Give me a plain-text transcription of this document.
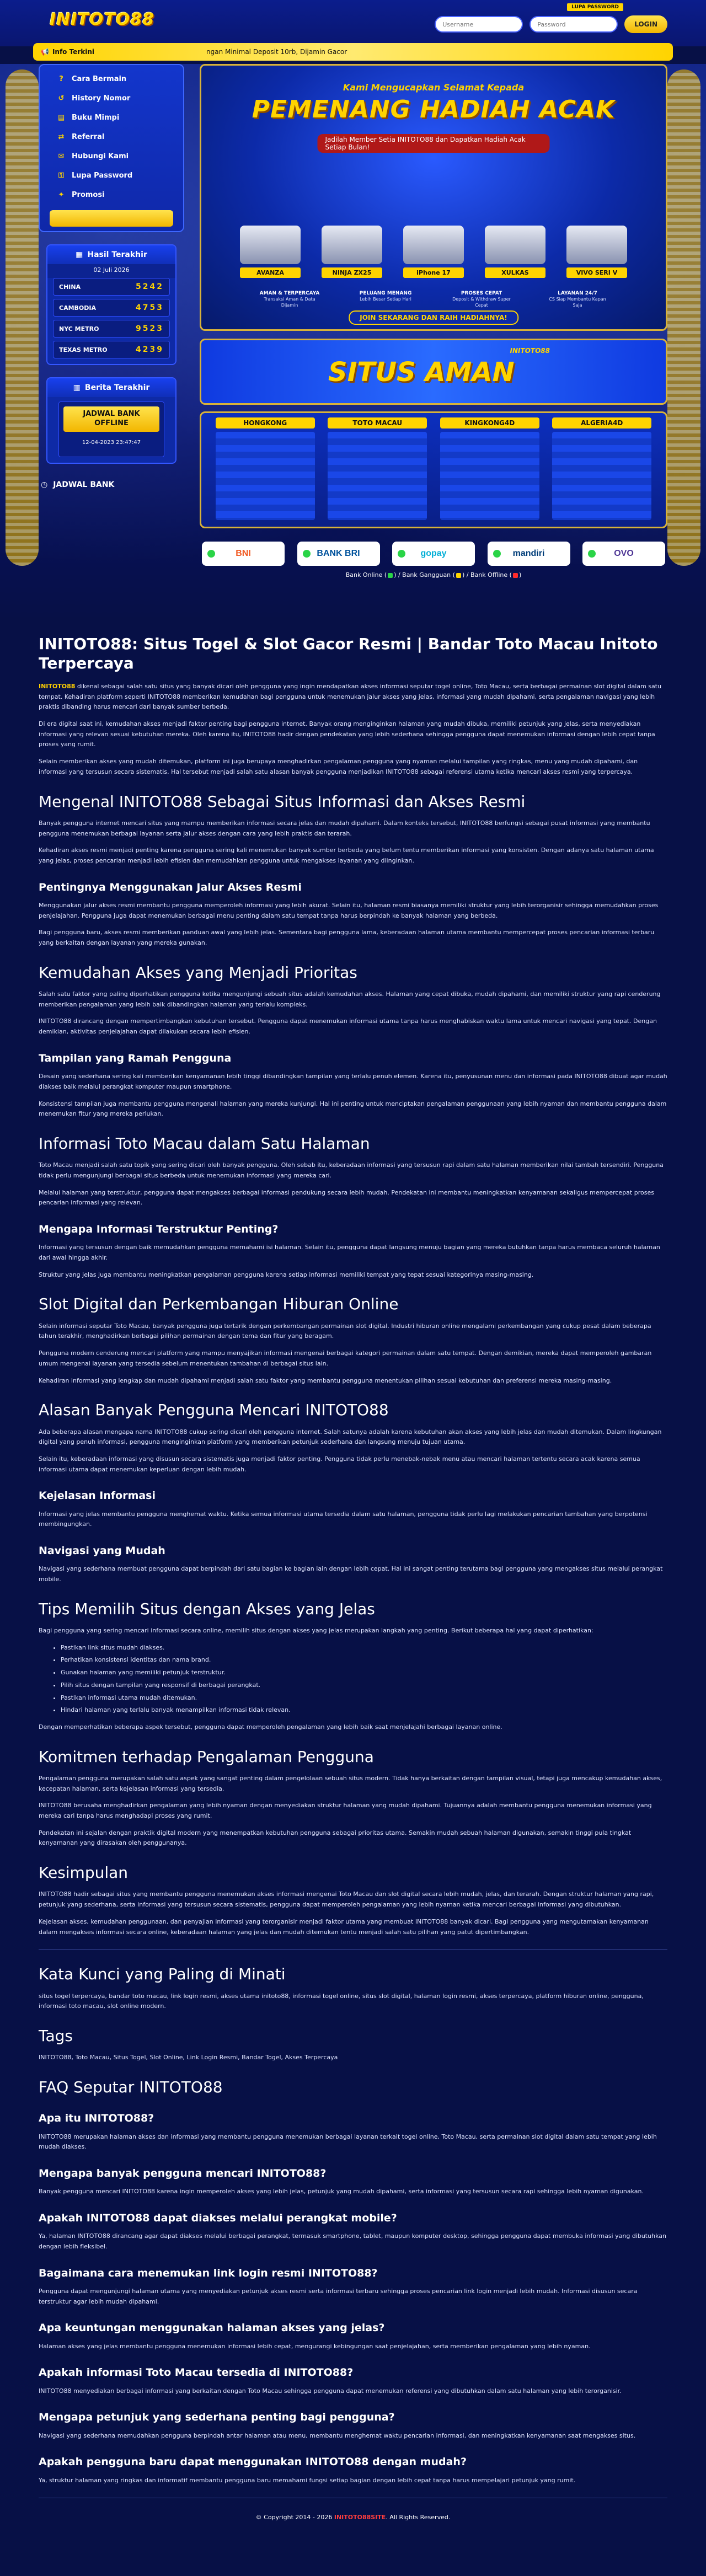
INITOTO88
LUPA PASSWORD
Username
LOGIN
📢 Info Terkini	ngan Minimal Deposit 10rb, Dijamin Gacor
?	Cara Bermain
↺ History Nomor
▤ Buku Mimpi
⇄ Referral
✉ Hubungi Kami
⚿	Lupa Password
✦ Promosi
▦ Hasil Terakhir
02 Juli 2026
CHINA	5242
CAMBODIA	4753
NYC METRO	9523
TEXAS METRO	4239
▥ Berita Terakhir
JADWAL BANK OFFLINE
12-04-2023 23:47:47
◷ JADWAL BANK
Kami Mengucapkan Selamat Kepada
PEMENANG HADIAH ACAK
Jadilah Member Setia INITOTO88 dan Dapatkan Hadiah Acak Setiap Bulan!
AVANZA	NINJA ZX25	iPhone 17	XULKAS	VIVO SERI V
AMAN & TERPERCAYA
Transaksi Aman & Data Dijamin
PELUANG MENANG
Lebih Besar Setiap Hari
PROSES CEPAT
Deposit & Withdraw Super Cepat
LAYANAN 24/7
CS Siap Membantu Kapan Saja
JOIN SEKARANG DAN RAIH HADIAHNYA!
SITUS AMAN
INITOTO88
HONGKONG	TOTO MACAU	KINGKONG4D	ALGERIA4D
BNI	BANK BRI	gopay	mandiri	OVO
Bank Online ( ) / Bank Gangguan ( ) / Bank Offline ( )
INITOTO88: Situs Togel & Slot Gacor Resmi | Bandar Toto Macau Initoto Terpercaya

INITOTO88 dikenal sebagai salah satu situs yang banyak dicari oleh pengguna yang ingin mendapatkan akses informasi seputar togel online, Toto Macau, serta berbagai permainan slot digital dalam satu tempat. Kehadiran platform seperti INITOTO88 memberikan kemudahan bagi pengguna untuk menemukan jalur akses yang jelas, informasi yang mudah dipahami, serta pengalaman navigasi yang lebih praktis dibanding harus mencari dari banyak sumber berbeda.

Di era digital saat ini, kemudahan akses menjadi faktor penting bagi pengguna internet. Banyak orang menginginkan halaman yang mudah dibuka, memiliki petunjuk yang jelas, serta menyediakan informasi yang relevan sesuai kebutuhan mereka. Oleh karena itu, INITOTO88 hadir dengan pendekatan yang lebih sederhana sehingga pengguna dapat menemukan informasi dengan lebih cepat tanpa proses yang rumit.

Selain memberikan akses yang mudah ditemukan, platform ini juga berupaya menghadirkan pengalaman pengguna yang nyaman melalui tampilan yang ringkas, menu yang mudah dipahami, dan informasi yang tersusun secara sistematis. Hal tersebut menjadi salah satu alasan banyak pengguna menjadikan INITOTO88 sebagai referensi utama ketika mencari akses resmi yang terpercaya.

Mengenal INITOTO88 Sebagai Situs Informasi dan Akses Resmi

Banyak pengguna internet mencari situs yang mampu memberikan informasi secara jelas dan mudah dipahami. Dalam konteks tersebut, INITOTO88 berfungsi sebagai pusat informasi yang membantu pengguna menemukan berbagai layanan serta jalur akses dengan cara yang lebih praktis dan terarah.

Kehadiran akses resmi menjadi penting karena pengguna sering kali menemukan banyak sumber berbeda yang belum tentu memberikan informasi yang konsisten. Dengan adanya satu halaman utama yang jelas, proses pencarian menjadi lebih efisien dan memudahkan pengguna untuk mengakses layanan yang diinginkan.

Pentingnya Menggunakan Jalur Akses Resmi

Menggunakan jalur akses resmi membantu pengguna memperoleh informasi yang lebih akurat. Selain itu, halaman resmi biasanya memiliki struktur yang lebih terorganisir sehingga memudahkan proses penjelajahan. Pengguna juga dapat menemukan berbagai menu penting dalam satu tempat tanpa harus berpindah ke banyak halaman yang berbeda.

Bagi pengguna baru, akses resmi memberikan panduan awal yang lebih jelas. Sementara bagi pengguna lama, keberadaan halaman utama membantu mempercepat proses pencarian informasi terbaru yang berkaitan dengan layanan yang mereka gunakan.

Kemudahan Akses yang Menjadi Prioritas

Salah satu faktor yang paling diperhatikan pengguna ketika mengunjungi sebuah situs adalah kemudahan akses. Halaman yang cepat dibuka, mudah dipahami, dan memiliki struktur yang rapi cenderung memberikan pengalaman yang lebih baik dibandingkan halaman yang terlalu kompleks.

INITOTO88 dirancang dengan mempertimbangkan kebutuhan tersebut. Pengguna dapat menemukan informasi utama tanpa harus menghabiskan waktu lama untuk mencari navigasi yang tepat. Dengan demikian, aktivitas penjelajahan dapat dilakukan secara lebih efisien.

Tampilan yang Ramah Pengguna

Desain yang sederhana sering kali memberikan kenyamanan lebih tinggi dibandingkan tampilan yang terlalu penuh elemen. Karena itu, penyusunan menu dan informasi pada INITOTO88 dibuat agar mudah diakses baik melalui perangkat komputer maupun smartphone.

Konsistensi tampilan juga membantu pengguna mengenali halaman yang mereka kunjungi. Hal ini penting untuk menciptakan pengalaman penggunaan yang lebih nyaman dan membantu pengguna dalam menemukan fitur yang mereka perlukan.

Informasi Toto Macau dalam Satu Halaman

Toto Macau menjadi salah satu topik yang sering dicari oleh banyak pengguna. Oleh sebab itu, keberadaan informasi yang tersusun rapi dalam satu halaman memberikan nilai tambah tersendiri. Pengguna tidak perlu mengunjungi berbagai situs berbeda untuk menemukan informasi yang mereka cari.

Melalui halaman yang terstruktur, pengguna dapat mengakses berbagai informasi pendukung secara lebih mudah. Pendekatan ini membantu meningkatkan kenyamanan sekaligus mempercepat proses pencarian informasi yang relevan.

Mengapa Informasi Terstruktur Penting?

Informasi yang tersusun dengan baik memudahkan pengguna memahami isi halaman. Selain itu, pengguna dapat langsung menuju bagian yang mereka butuhkan tanpa harus membaca seluruh halaman dari awal hingga akhir.

Struktur yang jelas juga membantu meningkatkan pengalaman pengguna karena setiap informasi memiliki tempat yang tepat sesuai kategorinya masing-masing.

Slot Digital dan Perkembangan Hiburan Online

Selain informasi seputar Toto Macau, banyak pengguna juga tertarik dengan perkembangan permainan slot digital. Industri hiburan online mengalami perkembangan yang cukup pesat dalam beberapa tahun terakhir, menghadirkan berbagai pilihan permainan dengan tema dan fitur yang beragam.

Pengguna modern cenderung mencari platform yang mampu menyajikan informasi mengenai berbagai kategori permainan dalam satu tempat. Dengan demikian, mereka dapat memperoleh gambaran umum mengenai layanan yang tersedia sebelum menentukan tambahan di berbagai situs lain.

Kehadiran informasi yang lengkap dan mudah dipahami menjadi salah satu faktor yang membantu pengguna menentukan pilihan sesuai kebutuhan dan preferensi mereka masing-masing.

Alasan Banyak Pengguna Mencari INITOTO88

Ada beberapa alasan mengapa nama INITOTO88 cukup sering dicari oleh pengguna internet. Salah satunya adalah karena kebutuhan akan akses yang lebih jelas dan mudah ditemukan. Dalam lingkungan digital yang penuh informasi, pengguna menginginkan platform yang memberikan petunjuk sederhana dan langsung menuju tujuan utama.

Selain itu, keberadaan informasi yang disusun secara sistematis juga menjadi faktor penting. Pengguna tidak perlu menebak-nebak menu atau mencari halaman tertentu secara acak karena semua informasi utama dapat menemukan keperluan dengan lebih mudah.

Kejelasan Informasi

Informasi yang jelas membantu pengguna menghemat waktu. Ketika semua informasi utama tersedia dalam satu halaman, pengguna tidak perlu lagi melakukan pencarian tambahan yang berpotensi membingungkan.

Navigasi yang Mudah

Navigasi yang sederhana membuat pengguna dapat berpindah dari satu bagian ke bagian lain dengan lebih cepat. Hal ini sangat penting terutama bagi pengguna yang mengakses situs melalui perangkat mobile.

Tips Memilih Situs dengan Akses yang Jelas

Bagi pengguna yang sering mencari informasi secara online, memilih situs dengan akses yang jelas merupakan langkah yang penting. Berikut beberapa hal yang dapat diperhatikan:

• Pastikan link situs mudah diakses.
• Perhatikan konsistensi identitas dan nama brand.
• Gunakan halaman yang memiliki petunjuk terstruktur.
• Pilih situs dengan tampilan yang responsif di berbagai perangkat.
• Pastikan informasi utama mudah ditemukan.
• Hindari halaman yang terlalu banyak menampilkan informasi tidak relevan.

Dengan memperhatikan beberapa aspek tersebut, pengguna dapat memperoleh pengalaman yang lebih baik saat menjelajahi berbagai layanan online.

Komitmen terhadap Pengalaman Pengguna

Pengalaman pengguna merupakan salah satu aspek yang sangat penting dalam pengelolaan sebuah situs modern. Tidak hanya berkaitan dengan tampilan visual, tetapi juga mencakup kemudahan akses, kecepatan halaman, serta kejelasan informasi yang tersedia.

INITOTO88 berusaha menghadirkan pengalaman yang lebih nyaman dengan menyediakan struktur halaman yang mudah dipahami. Tujuannya adalah membantu pengguna menemukan informasi yang mereka cari tanpa harus menghadapi proses yang rumit.

Pendekatan ini sejalan dengan praktik digital modern yang menempatkan kebutuhan pengguna sebagai prioritas utama. Semakin mudah sebuah halaman digunakan, semakin tinggi pula tingkat kenyamanan yang dirasakan oleh penggunanya.

Kesimpulan

INITOTO88 hadir sebagai situs yang membantu pengguna menemukan akses informasi mengenai Toto Macau dan slot digital secara lebih mudah, jelas, dan terarah. Dengan struktur halaman yang rapi, petunjuk yang sederhana, serta informasi yang tersusun secara sistematis, pengguna dapat memperoleh pengalaman yang lebih nyaman ketika mencari berbagai informasi yang dibutuhkan.

Kejelasan akses, kemudahan penggunaan, dan penyajian informasi yang terorganisir menjadi faktor utama yang membuat INITOTO88 banyak dicari. Bagi pengguna yang mengutamakan kenyamanan dalam mengakses informasi secara online, keberadaan halaman yang jelas dan mudah ditemukan tentu menjadi salah satu pilihan yang patut dipertimbangkan.

Kata Kunci yang Paling di Minati

situs togel terpercaya, bandar toto macau, link login resmi, akses utama initoto88, informasi togel online, situs slot digital, halaman login resmi, akses terpercaya, platform hiburan online, pengguna, informasi toto macau, slot online modern.

Tags

INITOTO88, Toto Macau, Situs Togel, Slot Online, Link Login Resmi, Bandar Togel, Akses Terpercaya

FAQ Seputar INITOTO88
Apa itu INITOTO88?

INITOTO88 merupakan halaman akses dan informasi yang membantu pengguna menemukan berbagai layanan terkait togel online, Toto Macau, serta permainan slot digital dalam satu tempat yang lebih mudah diakses.

Mengapa banyak pengguna mencari INITOTO88?

Banyak pengguna mencari INITOTO88 karena ingin memperoleh akses yang lebih jelas, petunjuk yang mudah dipahami, serta informasi yang tersusun secara rapi sehingga lebih nyaman digunakan.

Apakah INITOTO88 dapat diakses melalui perangkat mobile?

Ya, halaman INITOTO88 dirancang agar dapat diakses melalui berbagai perangkat, termasuk smartphone, tablet, maupun komputer desktop, sehingga pengguna dapat membuka informasi yang dibutuhkan dengan lebih fleksibel.

Bagaimana cara menemukan link login resmi INITOTO88?

Pengguna dapat mengunjungi halaman utama yang menyediakan petunjuk akses resmi serta informasi terbaru sehingga proses pencarian link login menjadi lebih mudah. Informasi disusun secara terstruktur agar lebih mudah dipahami.

Apa keuntungan menggunakan halaman akses yang jelas?

Halaman akses yang jelas membantu pengguna menemukan informasi lebih cepat, mengurangi kebingungan saat penjelajahan, serta memberikan pengalaman yang lebih nyaman.

Apakah informasi Toto Macau tersedia di INITOTO88?

INITOTO88 menyediakan berbagai informasi yang berkaitan dengan Toto Macau sehingga pengguna dapat menemukan referensi yang dibutuhkan dalam satu halaman yang lebih terorganisir.

Mengapa petunjuk yang sederhana penting bagi pengguna?

Navigasi yang sederhana memudahkan pengguna berpindah antar halaman atau menu, membantu menghemat waktu pencarian informasi, dan meningkatkan kenyamanan saat mengakses situs.

Apakah pengguna baru dapat menggunakan INITOTO88 dengan mudah?

Ya, struktur halaman yang ringkas dan informatif membantu pengguna baru memahami fungsi setiap bagian dengan lebih cepat tanpa harus mempelajari petunjuk yang rumit.

© Copyright 2014 - 2026 INITOTO88SITE. All Rights Reserved.
